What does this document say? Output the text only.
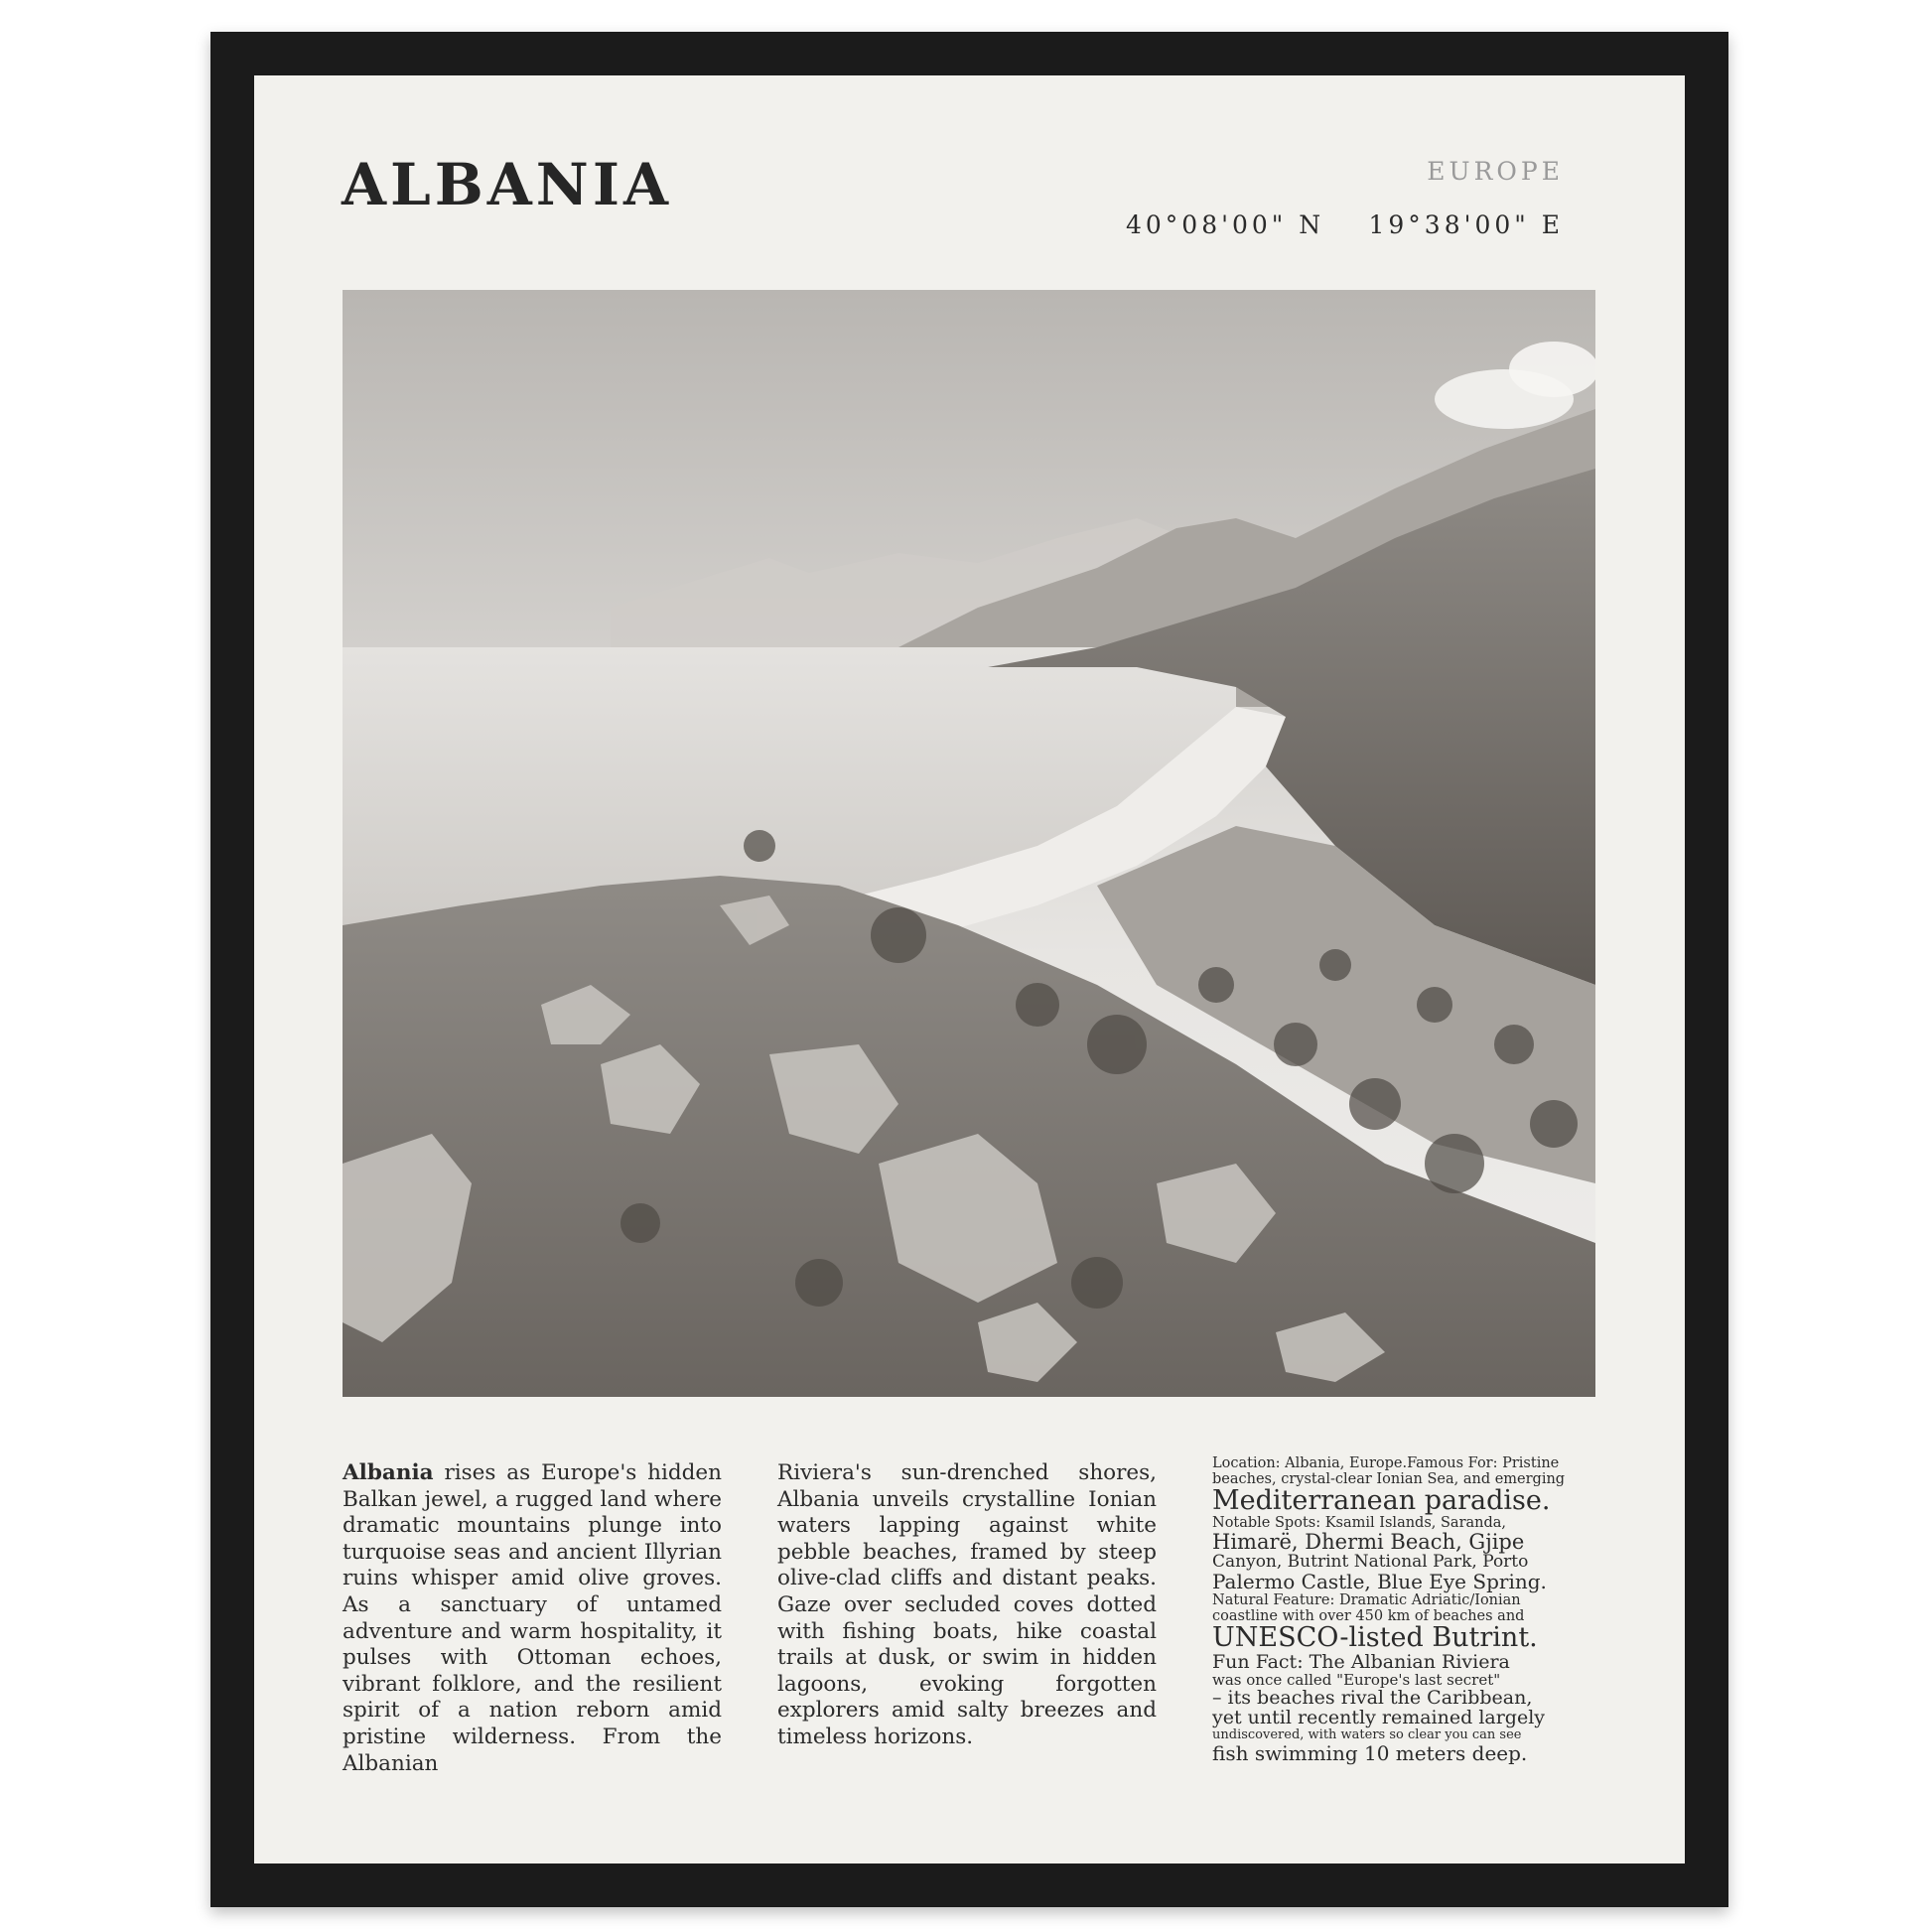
ALBANIA	EUROPE
40°08'00" N 19°38'00" E
Albania rises as Europe's hidden Balkan jewel, a rugged land where dramatic mountains plunge into turquoise seas and ancient Illyrian ruins whisper amid olive groves. As a sanctuary of untamed adventure and warm hospitality, it pulses with Ottoman echoes, vibrant folklore, and the resilient spirit of a nation reborn amid pristine wilderness. From the Albanian
Riviera's sun-drenched shores, Albania unveils crystalline Ionian waters lapping against white pebble beaches, framed by steep olive-clad cliffs and distant peaks. Gaze over secluded coves dotted with fishing boats, hike coastal trails at dusk, or swim in hidden lagoons, evoking forgotten explorers amid salty breezes and timeless horizons.
Location: Albania, Europe.Famous For: Pristine
beaches, crystal-clear Ionian Sea, and emerging
Mediterranean paradise.
Notable Spots: Ksamil Islands, Saranda,
Himarë, Dhermi Beach, Gjipe
Canyon, Butrint National Park, Porto
Palermo Castle, Blue Eye Spring.
Natural Feature: Dramatic Adriatic/Ionian
coastline with over 450 km of beaches and
UNESCO-listed Butrint.
Fun Fact: The Albanian Riviera
was once called "Europe's last secret"
– its beaches rival the Caribbean,
yet until recently remained largely
undiscovered, with waters so clear you can see
fish swimming 10 meters deep.
